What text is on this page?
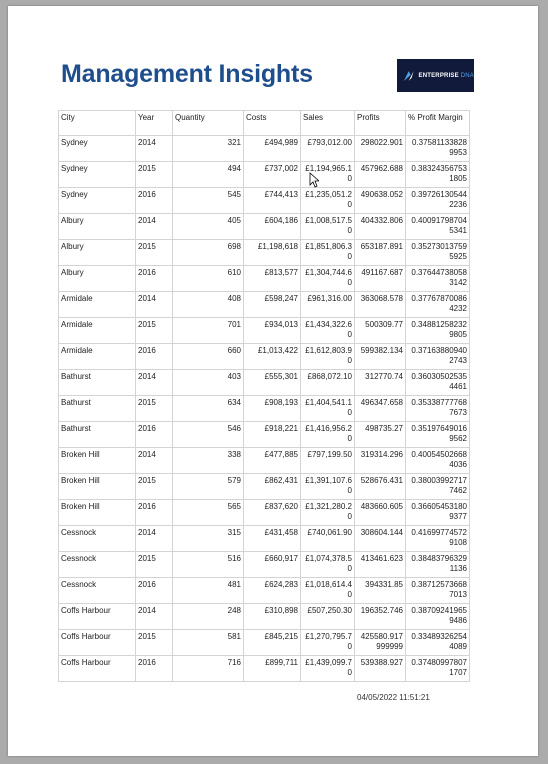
Management Insights	ENTERPRISE DNA
City	Year	Quantity	Costs	Sales	Profits	% Profit Margin
Sydney	2014	321	£494,989	£793,012.00	298022.901	0.375811338289953
Sydney	2015	494	£737,002	£1,194,965.10	457962.688	0.383243567531805
Sydney	2016	545	£744,413	£1,235,051.20	490638.052	0.397261305442236
Albury	2014	405	£604,186	£1,008,517.50	404332.806	0.400917987045341
Albury	2015	698	£1,198,618	£1,851,806.30	653187.891	0.352730137595925
Albury	2016	610	£813,577	£1,304,744.60	491167.687	0.376447380583142
Armidale	2014	408	£598,247	£961,316.00	363068.578	0.377678700864232
Armidale	2015	701	£934,013	£1,434,322.60	500309.77	0.348812582329805
Armidale	2016	660	£1,013,422	£1,612,803.90	599382.134	0.371638809402743
Bathurst	2014	403	£555,301	£868,072.10	312770.74	0.360305025354461
Bathurst	2015	634	£908,193	£1,404,541.10	496347.658	0.353387777687673
Bathurst	2016	546	£918,221	£1,416,956.20	498735.27	0.351976490169562
Broken Hill	2014	338	£477,885	£797,199.50	319314.296	0.400545026684036
Broken Hill	2015	579	£862,431	£1,391,107.60	528676.431	0.380039927177462
Broken Hill	2016	565	£837,620	£1,321,280.20	483660.605	0.366054531809377
Cessnock	2014	315	£431,458	£740,061.90	308604.144	0.416997745729108
Cessnock	2015	516	£660,917	£1,074,378.50	413461.623	0.384837963291136
Cessnock	2016	481	£624,283	£1,018,614.40	394331.85	0.387125736687013
Coffs Harbour	2014	248	£310,898	£507,250.30	196352.746	0.387092419659486
Coffs Harbour	2015	581	£845,215	£1,270,795.70	425580.917999999	0.334893262544089
Coffs Harbour	2016	716	£899,711	£1,439,099.70	539388.927	0.374809978071707
04/05/2022 11:51:21
